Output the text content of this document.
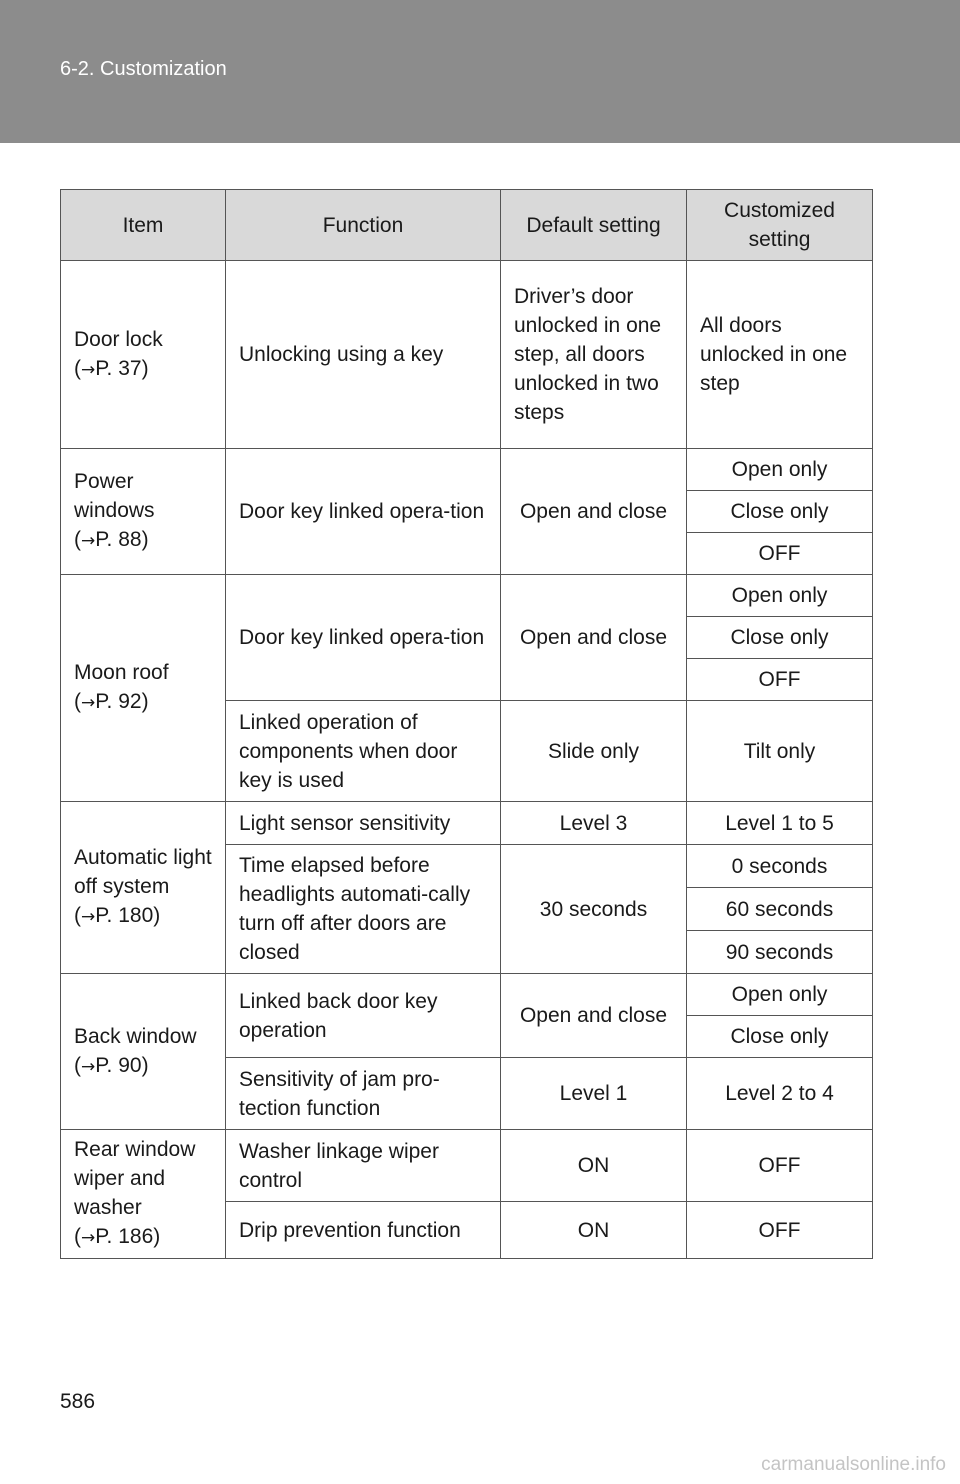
6-2. Customization
Item	Function	Default setting	Customized setting
Door lock
(→P. 37)	Unlocking using a key	Driver’s door unlocked in one step, all doors unlocked in two steps	All doors unlocked in one step
Power windows
(→P. 88)	Door key linked opera-tion	Open and close	Open only
			Close only
			OFF
Moon roof
(→P. 92)	Door key linked opera-tion	Open and close	Open only
			Close only
			OFF
	Linked operation of components when door key is used	Slide only	Tilt only
Automatic light off system
(→P. 180)	Light sensor sensitivity	Level 3	Level 1 to 5
	Time elapsed before headlights automati-cally turn off after doors are closed	30 seconds	0 seconds
			60 seconds
			90 seconds
Back window
(→P. 90)	Linked back door key operation	Open and close	Open only
			Close only
	Sensitivity of jam pro-tection function	Level 1	Level 2 to 4
Rear window wiper and washer
(→P. 186)	Washer linkage wiper control	ON	OFF
	Drip prevention function	ON	OFF
586
carmanualsonline.info
